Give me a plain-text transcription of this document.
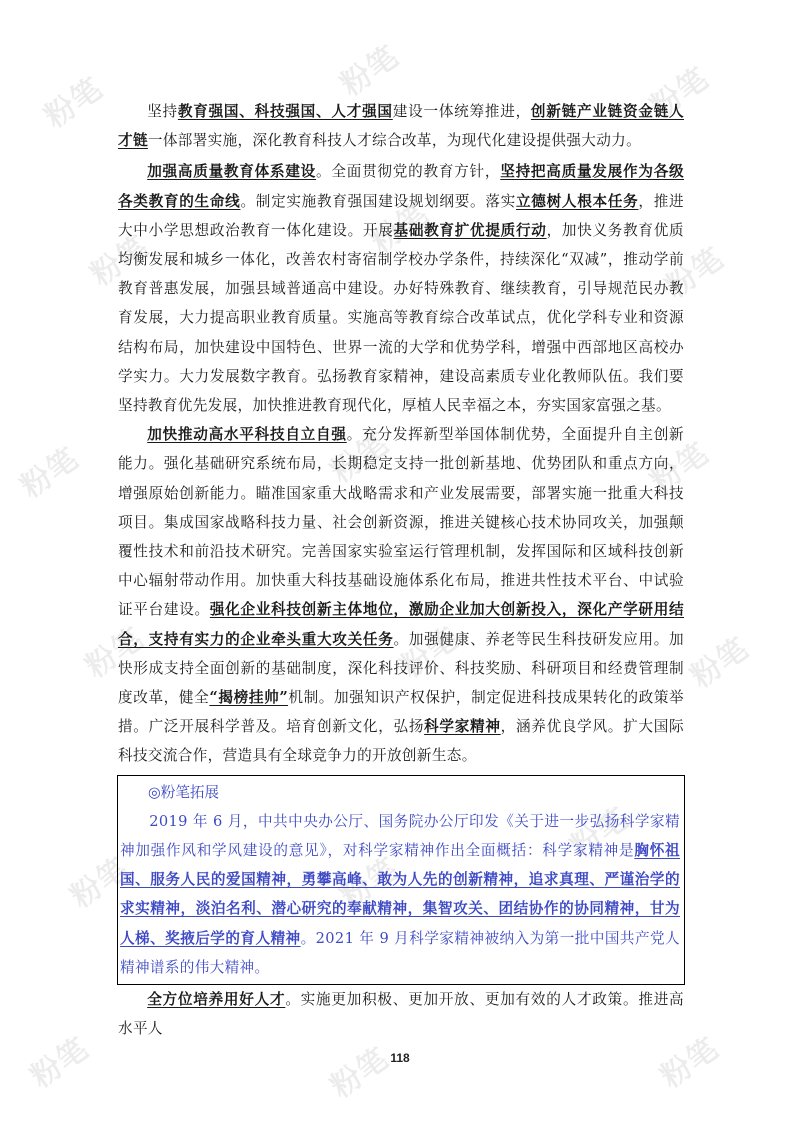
粉笔	粉笔	粉笔
粉笔
粉笔
粉笔
粉笔	粉笔	粉笔
粉笔	粉笔	粉笔
粉笔	粉笔
粉笔
粉笔	粉笔	粉笔

坚持教育强国、科技强国、人才强国建设一体统筹推进，创新链产业链资金链人才链一体部署实施，深化教育科技人才综合改革，为现代化建设提供强大动力。

加强高质量教育体系建设。全面贯彻党的教育方针，坚持把高质量发展作为各级各类教育的生命线。制定实施教育强国建设规划纲要。落实立德树人根本任务，推进大中小学思想政治教育一体化建设。开展基础教育扩优提质行动，加快义务教育优质均衡发展和城乡一体化，改善农村寄宿制学校办学条件，持续深化“双减”，推动学前教育普惠发展，加强县域普通高中建设。办好特殊教育、继续教育，引导规范民办教育发展，大力提高职业教育质量。实施高等教育综合改革试点，优化学科专业和资源结构布局，加快建设中国特色、世界一流的大学和优势学科，增强中西部地区高校办学实力。大力发展数字教育。弘扬教育家精神，建设高素质专业化教师队伍。我们要坚持教育优先发展，加快推进教育现代化，厚植人民幸福之本，夯实国家富强之基。

加快推动高水平科技自立自强。充分发挥新型举国体制优势，全面提升自主创新能力。强化基础研究系统布局，长期稳定支持一批创新基地、优势团队和重点方向，增强原始创新能力。瞄准国家重大战略需求和产业发展需要，部署实施一批重大科技项目。集成国家战略科技力量、社会创新资源，推进关键核心技术协同攻关，加强颠覆性技术和前沿技术研究。完善国家实验室运行管理机制，发挥国际和区域科技创新中心辐射带动作用。加快重大科技基础设施体系化布局，推进共性技术平台、中试验证平台建设。强化企业科技创新主体地位，激励企业加大创新投入，深化产学研用结合，支持有实力的企业牵头重大攻关任务。加强健康、养老等民生科技研发应用。加快形成支持全面创新的基础制度，深化科技评价、科技奖励、科研项目和经费管理制度改革，健全“揭榜挂帅”机制。加强知识产权保护，制定促进科技成果转化的政策举措。广泛开展科学普及。培育创新文化，弘扬科学家精神，涵养优良学风。扩大国际科技交流合作，营造具有全球竞争力的开放创新生态。

◎粉笔拓展

2019 年 6 月，中共中央办公厅、国务院办公厅印发《关于进一步弘扬科学家精神加强作风和学风建设的意见》，对科学家精神作出全面概括：科学家精神是胸怀祖国、服务人民的爱国精神，勇攀高峰、敢为人先的创新精神，追求真理、严谨治学的求实精神，淡泊名利、潜心研究的奉献精神，集智攻关、团结协作的协同精神，甘为人梯、奖掖后学的育人精神。2021 年 9 月科学家精神被纳入为第一批中国共产党人精神谱系的伟大精神。

全方位培养用好人才。实施更加积极、更加开放、更加有效的人才政策。推进高水平人

118
